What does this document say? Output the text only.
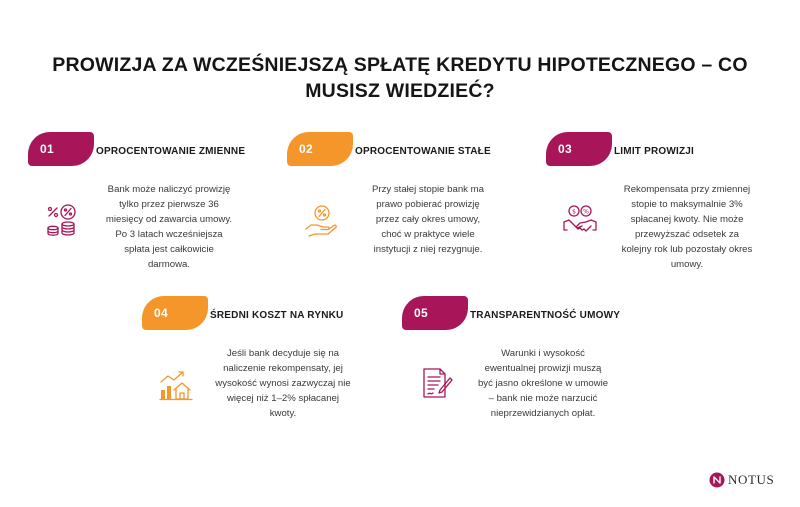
PROWIZJA ZA WCZEŚNIEJSZĄ SPŁATĘ KREDYTU HIPOTECZNEGO – CO
MUSISZ WIEDZIEĆ?
01	OPROCENTOWANIE ZMIENNE
Bank może naliczyć prowizję
tylko przez pierwsze 36
miesięcy od zawarcia umowy.
Po 3 latach wcześniejsza
spłata jest całkowicie
darmowa.
02	OPROCENTOWANIE STAŁE
Przy stałej stopie bank ma
prawo pobierać prowizję
przez cały okres umowy,
choć w praktyce wiele
instytucji z niej rezygnuje.
03	LIMIT PROWIZJI
$ %
Rekompensata przy zmiennej
stopie to maksymalnie 3%
spłacanej kwoty. Nie może
przewyższać odsetek za
kolejny rok lub pozostały okres
umowy.
04	ŚREDNI KOSZT NA RYNKU
Jeśli bank decyduje się na
naliczenie rekompensaty, jej
wysokość wynosi zazwyczaj nie
więcej niż 1–2% spłacanej
kwoty.
05	TRANSPARENTNOŚĆ UMOWY
Warunki i wysokość
ewentualnej prowizji muszą
być jasno określone w umowie
– bank nie może narzucić
nieprzewidzianych opłat.
NOTUS
